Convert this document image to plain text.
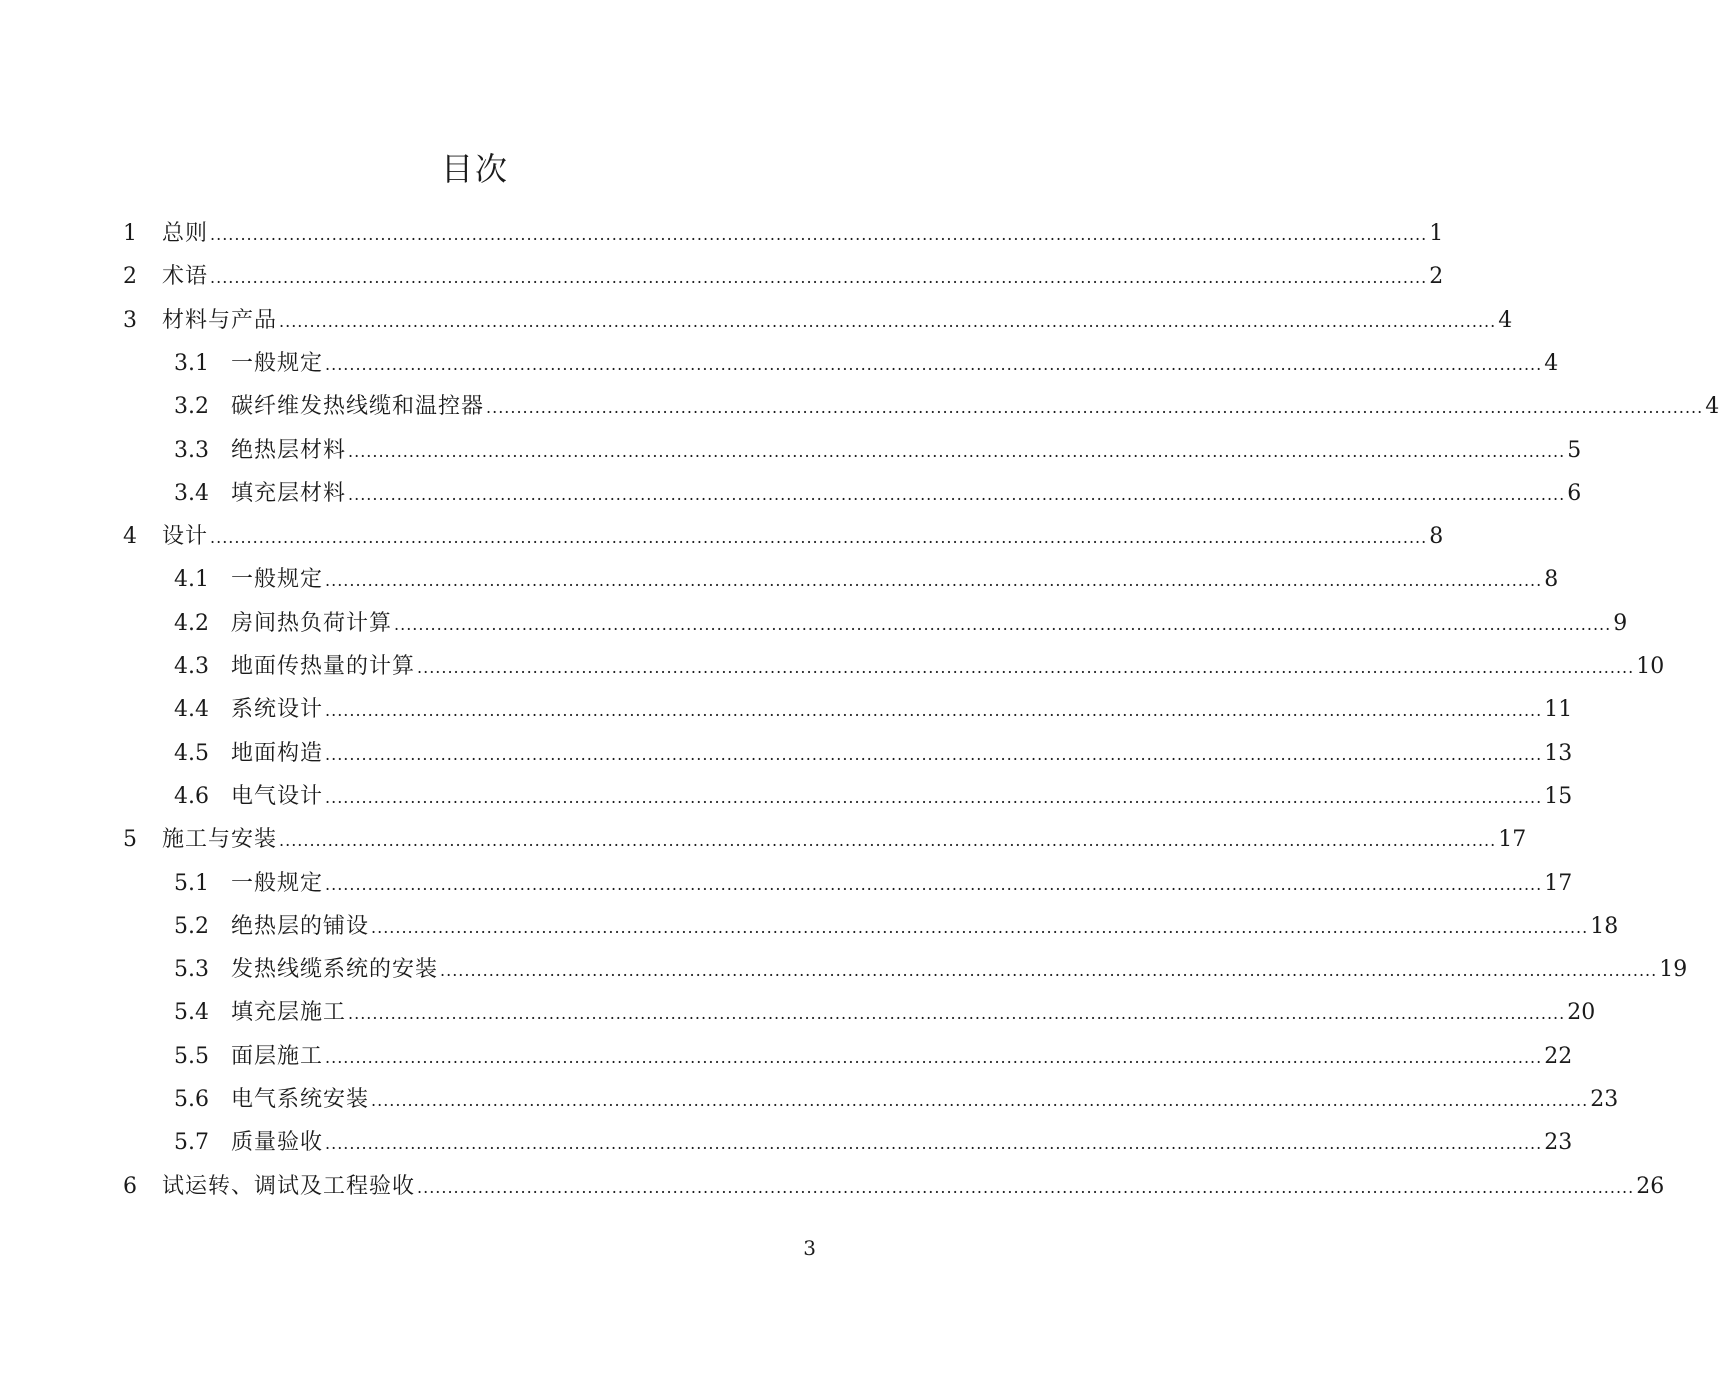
目次
1 总则 ........................................................................................................................................................................................................ 1
2 术语 ........................................................................................................................................................................................................ 2
3 材料与产品 ........................................................................................................................................................................................................ 4
3.1 一般规定 ........................................................................................................................................................................................................ 4
3.2 碳纤维发热线缆和温控器 ........................................................................................................................................................................................................ 4
3.3 绝热层材料 ........................................................................................................................................................................................................ 5
3.4 填充层材料 ........................................................................................................................................................................................................ 6
4 设计 ........................................................................................................................................................................................................ 8
4.1 一般规定 ........................................................................................................................................................................................................ 8
4.2 房间热负荷计算 ........................................................................................................................................................................................................ 9
4.3 地面传热量的计算 ........................................................................................................................................................................................................ 10
4.4 系统设计 ........................................................................................................................................................................................................ 11
4.5 地面构造 ........................................................................................................................................................................................................ 13
4.6 电气设计 ........................................................................................................................................................................................................ 15
5 施工与安装 ........................................................................................................................................................................................................ 17
5.1 一般规定 ........................................................................................................................................................................................................ 17
5.2 绝热层的铺设 ........................................................................................................................................................................................................ 18
5.3 发热线缆系统的安装 ........................................................................................................................................................................................................ 19
5.4 填充层施工 ........................................................................................................................................................................................................ 20
5.5 面层施工 ........................................................................................................................................................................................................ 22
5.6 电气系统安装 ........................................................................................................................................................................................................ 23
5.7 质量验收 ........................................................................................................................................................................................................ 23
6 试运转、调试及工程验收 ........................................................................................................................................................................................................ 26
3
